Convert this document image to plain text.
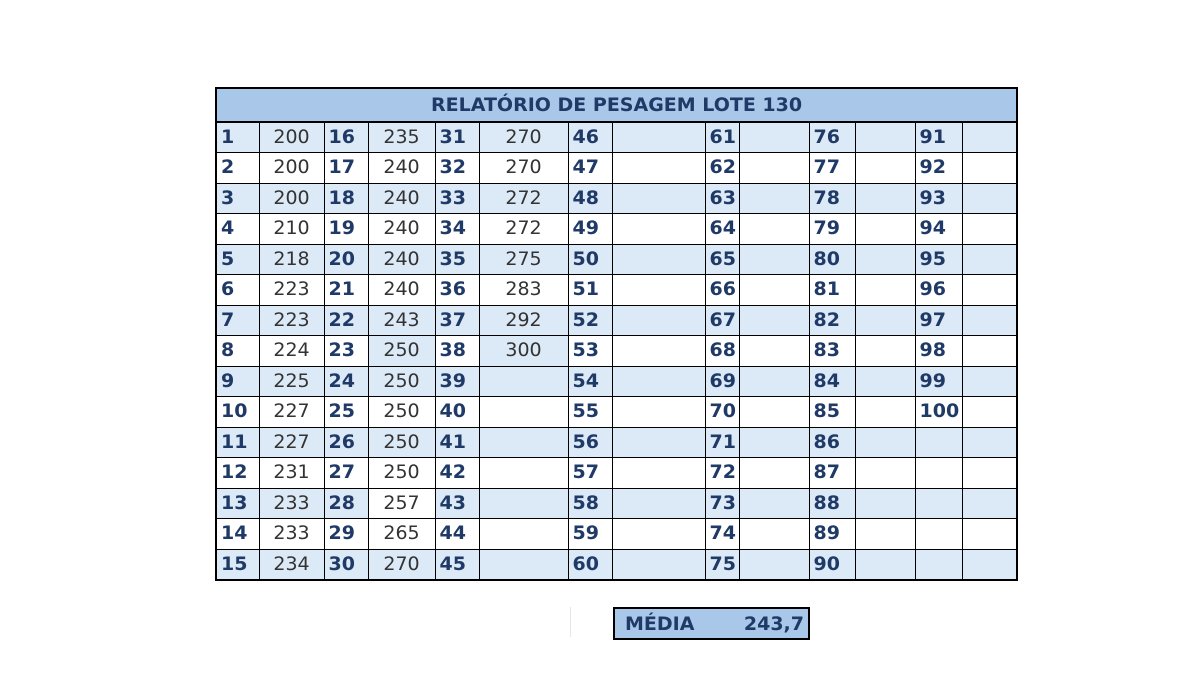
RELATÓRIO DE PESAGEM LOTE 130													
1	200	16	235	31	270	46		61		76		91	
2	200	17	240	32	270	47		62		77		92	
3	200	18	240	33	272	48		63		78		93	
4	210	19	240	34	272	49		64		79		94	
5	218	20	240	35	275	50		65		80		95	
6	223	21	240	36	283	51		66		81		96	
7	223	22	243	37	292	52		67		82		97	
8	224	23	250	38	300	53		68		83		98	
9	225	24	250	39		54		69		84		99	
10	227	25	250	40		55		70		85		100	
11	227	26	250	41		56		71		86			
12	231	27	250	42		57		72		87			
13	233	28	257	43		58		73		88			
14	233	29	265	44		59		74		89			
15	234	30	270	45		60		75		90			
MÉDIA	243,7
